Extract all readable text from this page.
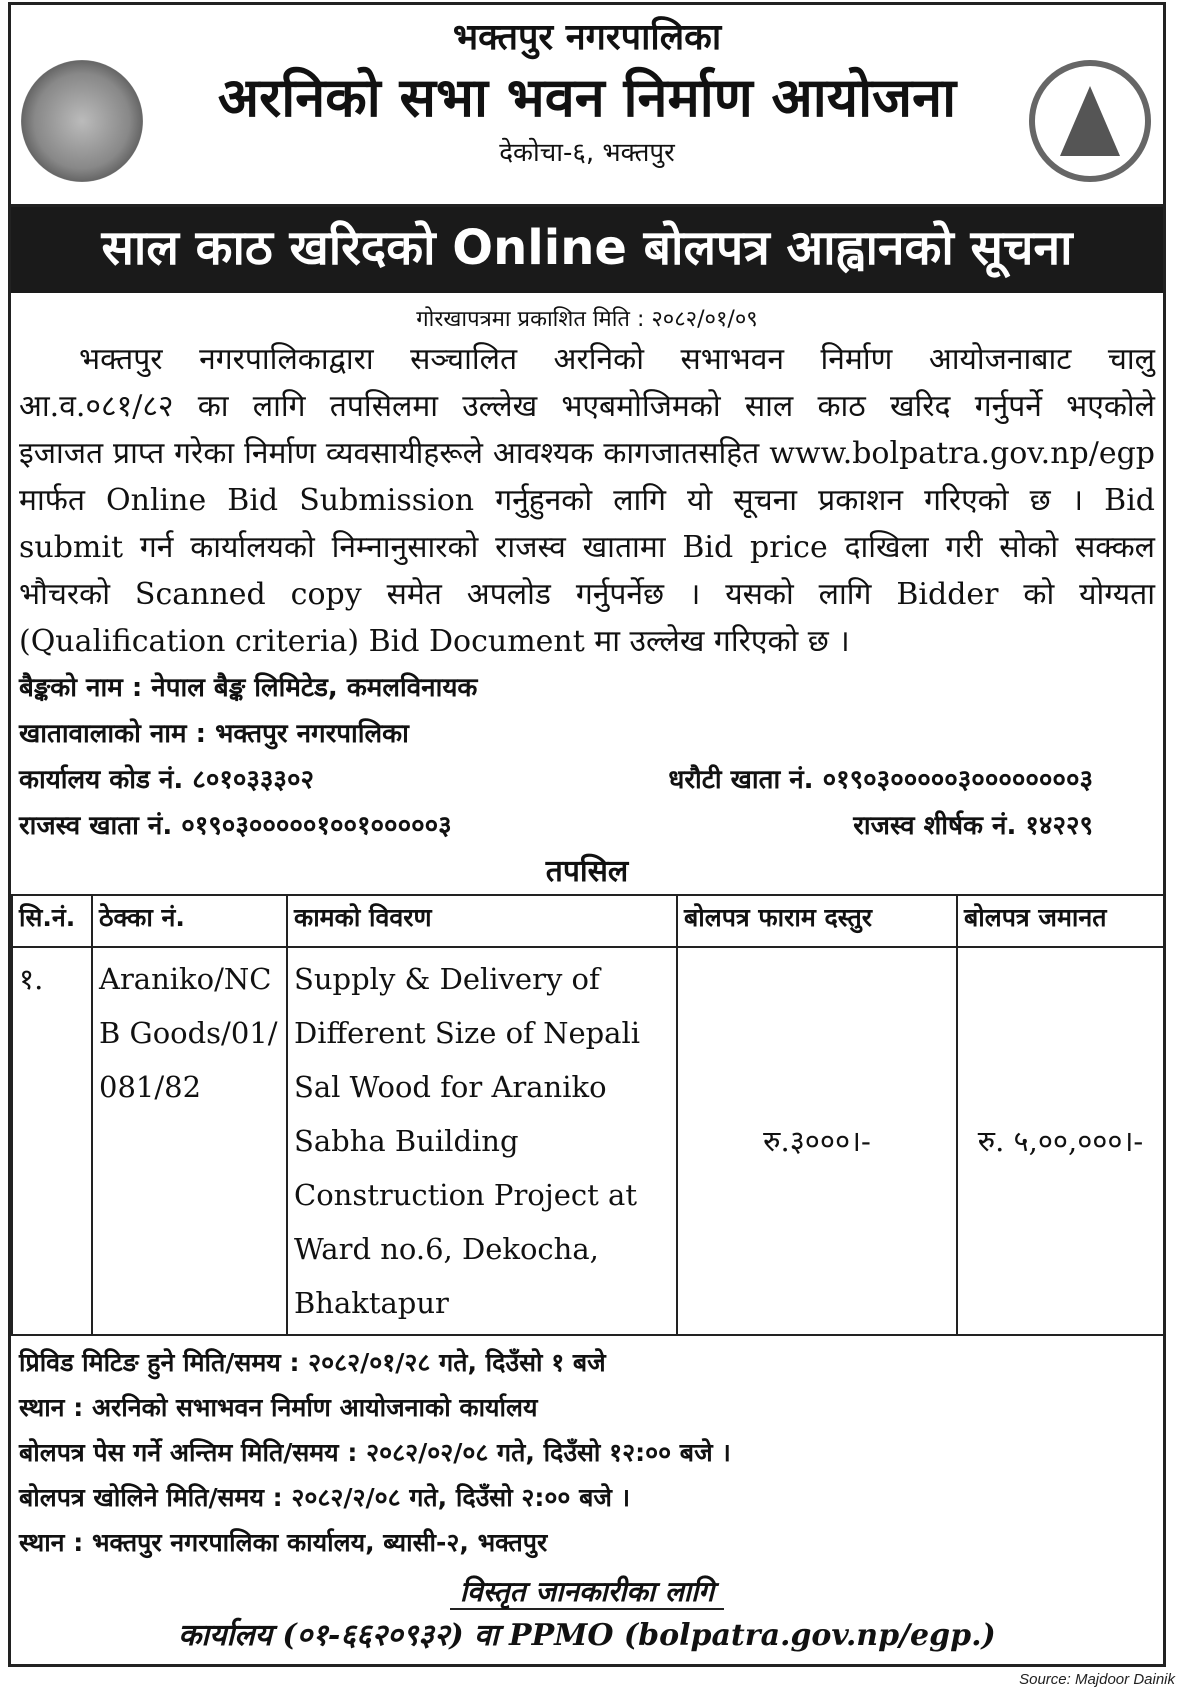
भक्तपुर नगरपालिका
अरनिको सभा भवन निर्माण आयोजना
देकोचा-६, भक्तपुर
साल काठ खरिदको Online बोलपत्र आह्वानको सूचना
गोरखापत्रमा प्रकाशित मिति : २०८२/०१/०९
भक्तपुर नगरपालिकाद्वारा सञ्चालित अरनिको सभाभवन निर्माण आयोजनाबाट चालु
आ.व.०८१/८२ का लागि तपसिलमा उल्लेख भएबमोजिमको साल काठ खरिद गर्नुपर्ने भएकोले
इजाजत प्राप्त गरेका निर्माण व्यवसायीहरूले आवश्यक कागजातसहित www.bolpatra.gov.np/egp
मार्फत Online Bid Submission गर्नुहुनको लागि यो सूचना प्रकाशन गरिएको छ । Bid
submit गर्न कार्यालयको निम्नानुसारको राजस्व खातामा Bid price दाखिला गरी सोको सक्कल
भौचरको Scanned copy समेत अपलोड गर्नुपर्नेछ । यसको लागि Bidder को योग्यता
(Qualification criteria) Bid Document मा उल्लेख गरिएको छ ।
बैङ्कको नाम : नेपाल बैङ्क लिमिटेड, कमलविनायक
खातावालाको नाम : भक्तपुर नगरपालिका
कार्यालय कोड नं. ८०१०३३३०२	धरौटी खाता नं. ०१९०३०००००३००००००००३
राजस्व खाता नं. ०१९०३०००००१००१०००००३	राजस्व शीर्षक नं. १४२२९
तपसिल
सि.नं.	ठेक्का नं.	कामको विवरण	बोलपत्र फाराम दस्तुर	बोलपत्र जमानत
१.	Araniko/NCB Goods/01/ 081/82	Supply & Delivery of Different Size of Nepali Sal Wood for Araniko Sabha Building Construction Project at Ward no.6, Dekocha, Bhaktapur	रु.३०००।-	रु. ५,००,०००।-
प्रिविड मिटिङ हुने मिति/समय : २०८२/०१/२८ गते, दिउँसो १ बजे
स्थान : अरनिको सभाभवन निर्माण आयोजनाको कार्यालय
बोलपत्र पेस गर्ने अन्तिम मिति/समय : २०८२/०२/०८ गते, दिउँसो १२:०० बजे ।
बोलपत्र खोलिने मिति/समय : २०८२/२/०८ गते, दिउँसो २:०० बजे ।
स्थान : भक्तपुर नगरपालिका कार्यालय, ब्यासी-२, भक्तपुर
विस्तृत जानकारीका लागि
कार्यालय (०१-६६२०९३२) वा PPMO (bolpatra.gov.np/egp.)
Source: Majdoor Dainik
